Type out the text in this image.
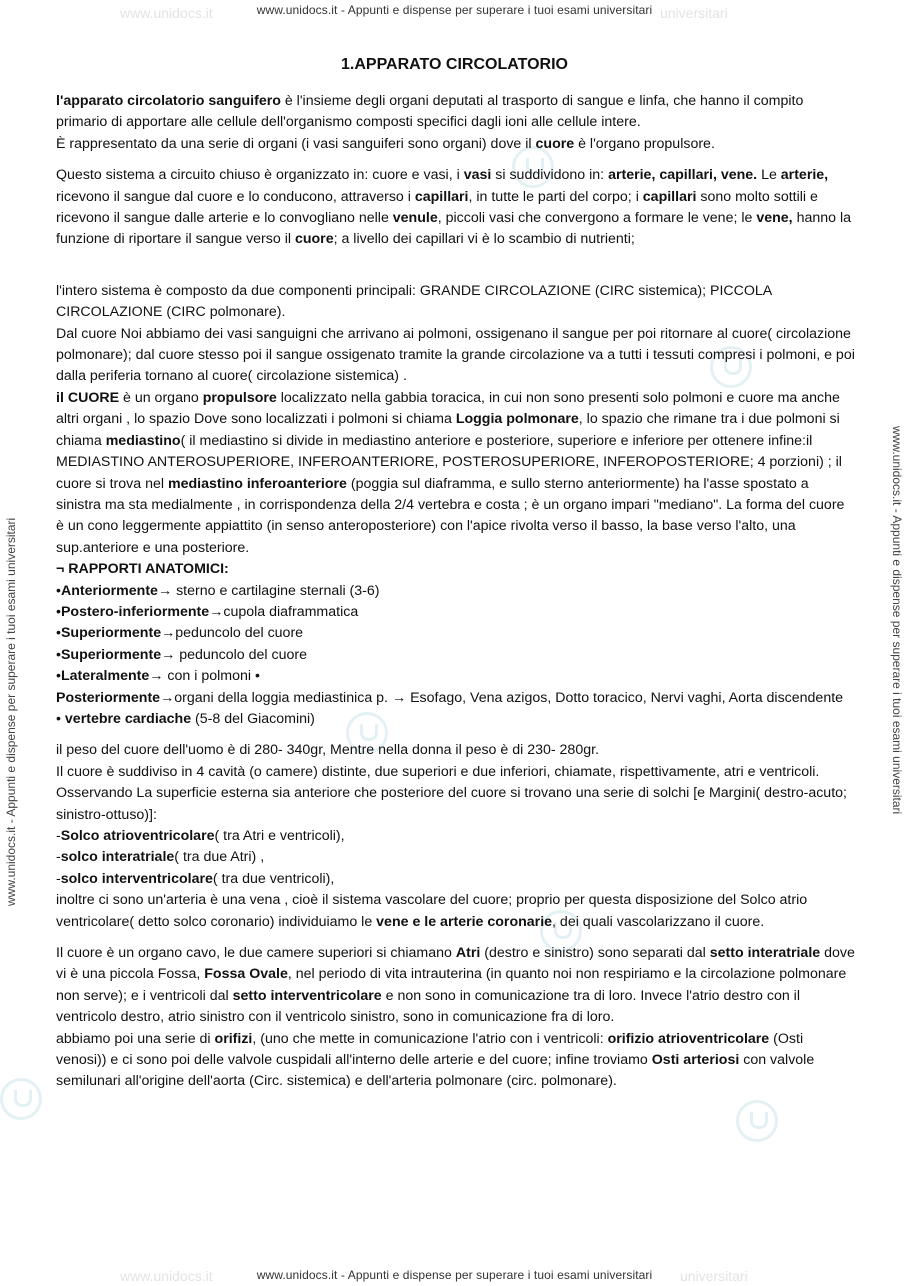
www.unidocs.it	universitari
www.unidocs.it	universitari
www.unidocs.it - Appunti e dispense per superare i tuoi esami universitari
www.unidocs.it - Appunti e dispense per superare i tuoi esami universitari
www.unidocs.it - Appunti e dispense per superare i tuoi esami universitari	www.unidocs.it - Appunti e dispense per superare i tuoi esami universitari
1.APPARATO CIRCOLATORIO

l'apparato circolatorio sanguifero è l'insieme degli organi deputati al trasporto di sangue e linfa, che hanno il compito primario di apportare alle cellule dell'organismo composti specifici dagli ioni alle cellule intere.
È rappresentato da una serie di organi (i vasi sanguiferi sono organi) dove il cuore è l'organo propulsore.

Questo sistema a circuito chiuso è organizzato in: cuore e vasi, i vasi si suddividono in: arterie, capillari, vene. Le arterie, ricevono il sangue dal cuore e lo conducono, attraverso i capillari, in tutte le parti del corpo; i capillari sono molto sottili e ricevono il sangue dalle arterie e lo convogliano nelle venule, piccoli vasi che convergono a formare le vene; le vene, hanno la funzione di riportare il sangue verso il cuore; a livello dei capillari vi è lo scambio di nutrienti;

l'intero sistema è composto da due componenti principali: GRANDE CIRCOLAZIONE (CIRC sistemica); PICCOLA CIRCOLAZIONE (CIRC polmonare).
Dal cuore Noi abbiamo dei vasi sanguigni che arrivano ai polmoni, ossigenano il sangue per poi ritornare al cuore( circolazione polmonare); dal cuore stesso poi il sangue ossigenato tramite la grande circolazione va a tutti i tessuti compresi i polmoni, e poi dalla periferia tornano al cuore( circolazione sistemica) .
il CUORE è un organo propulsore localizzato nella gabbia toracica, in cui non sono presenti solo polmoni e cuore ma anche altri organi , lo spazio Dove sono localizzati i polmoni si chiama Loggia polmonare, lo spazio che rimane tra i due polmoni si chiama mediastino( il mediastino si divide in mediastino anteriore e posteriore, superiore e inferiore per ottenere infine:il MEDIASTINO ANTEROSUPERIORE, INFEROANTERIORE, POSTEROSUPERIORE, INFEROPOSTERIORE; 4 porzioni) ; il cuore si trova nel mediastino inferoanteriore (poggia sul diaframma, e sullo sterno anteriormente) ha l'asse spostato a sinistra ma sta medialmente , in corrispondenza della 2/4 vertebra e costa ; è un organo impari "mediano". La forma del cuore è un cono leggermente appiattito (in senso anteroposteriore) con l'apice rivolta verso il basso, la base verso l'alto, una sup.anteriore e una posteriore.

¬ RAPPORTI ANATOMICI:
•Anteriormente→ sterno e cartilagine sternali (3-6)
•Postero-inferiormente→cupola diaframmatica
•Superiormente→peduncolo del cuore
•Superiormente→ peduncolo del cuore
•Lateralmente→ con i polmoni •
Posteriormente→organi della loggia mediastinica p. → Esofago, Vena azigos, Dotto toracico, Nervi vaghi, Aorta discendente
• vertebre cardiache (5-8 del Giacomini)

il peso del cuore dell'uomo è di 280- 340gr, Mentre nella donna il peso è di 230- 280gr.
Il cuore è suddiviso in 4 cavità (o camere) distinte, due superiori e due inferiori, chiamate, rispettivamente, atri e ventricoli.
Osservando La superficie esterna sia anteriore che posteriore del cuore si trovano una serie di solchi [e Margini( destro-acuto; sinistro-ottuso)]:
-Solco atrioventricolare( tra Atri e ventricoli),
-solco interatriale( tra due Atri) ,
-solco interventricolare( tra due ventricoli),
inoltre ci sono un'arteria è una vena , cioè il sistema vascolare del cuore; proprio per questa disposizione del Solco atrio ventricolare( detto solco coronario) individuiamo le vene e le arterie coronarie, dei quali vascolarizzano il cuore.

Il cuore è un organo cavo, le due camere superiori si chiamano Atri (destro e sinistro) sono separati dal setto interatriale dove vi è una piccola Fossa, Fossa Ovale, nel periodo di vita intrauterina (in quanto noi non respiriamo e la circolazione polmonare non serve); e i ventricoli dal setto interventricolare e non sono in comunicazione tra di loro. Invece l'atrio destro con il ventricolo destro, atrio sinistro con il ventricolo sinistro, sono in comunicazione fra di loro.
abbiamo poi una serie di orifizi, (uno che mette in comunicazione l'atrio con i ventricoli: orifizio atrioventricolare (Osti venosi)) e ci sono poi delle valvole cuspidali all'interno delle arterie e del cuore; infine troviamo Osti arteriosi con valvole semilunari all'origine dell'aorta (Circ. sistemica) e dell'arteria polmonare (circ. polmonare).
